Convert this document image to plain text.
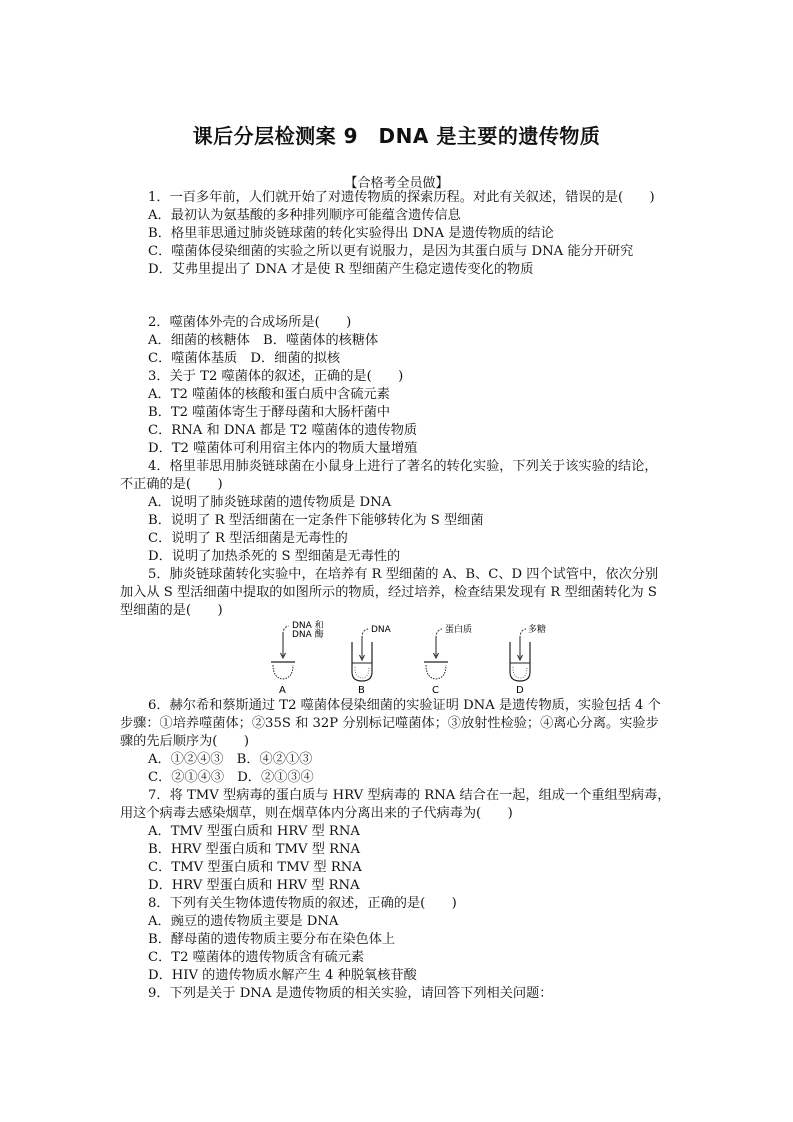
课后分层检测案 9　DNA 是主要的遗传物质
【合格考全员做】
1．一百多年前，人们就开始了对遗传物质的探索历程。对此有关叙述，错误的是(　　)
A．最初认为氨基酸的多种排列顺序可能蕴含遗传信息
B．格里菲思通过肺炎链球菌的转化实验得出 DNA 是遗传物质的结论
C．噬菌体侵染细菌的实验之所以更有说服力，是因为其蛋白质与 DNA 能分开研究
D．艾弗里提出了 DNA 才是使 R 型细菌产生稳定遗传变化的物质
2．噬菌体外壳的合成场所是(　　)
A．细菌的核糖体　B．噬菌体的核糖体
C．噬菌体基质　D．细菌的拟核
3．关于 T2 噬菌体的叙述，正确的是(　　)
A．T2 噬菌体的核酸和蛋白质中含硫元素
B．T2 噬菌体寄生于酵母菌和大肠杆菌中
C．RNA 和 DNA 都是 T2 噬菌体的遗传物质
D．T2 噬菌体可利用宿主体内的物质大量增殖
4．格里菲思用肺炎链球菌在小鼠身上进行了著名的转化实验，下列关于该实验的结论，
不正确的是(　　)
A．说明了肺炎链球菌的遗传物质是 DNA
B．说明了 R 型活细菌在一定条件下能够转化为 S 型细菌
C．说明了 R 型活细菌是无毒性的
D．说明了加热杀死的 S 型细菌是无毒性的
5．肺炎链球菌转化实验中，在培养有 R 型细菌的 A、B、C、D 四个试管中，依次分别
加入从 S 型活细菌中提取的如图所示的物质，经过培养，检查结果发现有 R 型细菌转化为 S
型细菌的是(　　)
DNA 和
DNA 酶
A
DNA
B
蛋白质
C
多糖
D
6．赫尔希和蔡斯通过 T2 噬菌体侵染细菌的实验证明 DNA 是遗传物质，实验包括 4 个
步骤：①培养噬菌体；②35S 和 32P 分别标记噬菌体；③放射性检验；④离心分离。实验步
骤的先后顺序为(　　)
A．①②④③　B．④②①③
C．②①④③　D．②①③④
7．将 TMV 型病毒的蛋白质与 HRV 型病毒的 RNA 结合在一起，组成一个重组型病毒，
用这个病毒去感染烟草，则在烟草体内分离出来的子代病毒为(　　)
A．TMV 型蛋白质和 HRV 型 RNA
B．HRV 型蛋白质和 TMV 型 RNA
C．TMV 型蛋白质和 TMV 型 RNA
D．HRV 型蛋白质和 HRV 型 RNA
8．下列有关生物体遗传物质的叙述，正确的是(　　)
A．豌豆的遗传物质主要是 DNA
B．酵母菌的遗传物质主要分布在染色体上
C．T2 噬菌体的遗传物质含有硫元素
D．HIV 的遗传物质水解产生 4 种脱氧核苷酸
9．下列是关于 DNA 是遗传物质的相关实验，请回答下列相关问题：
